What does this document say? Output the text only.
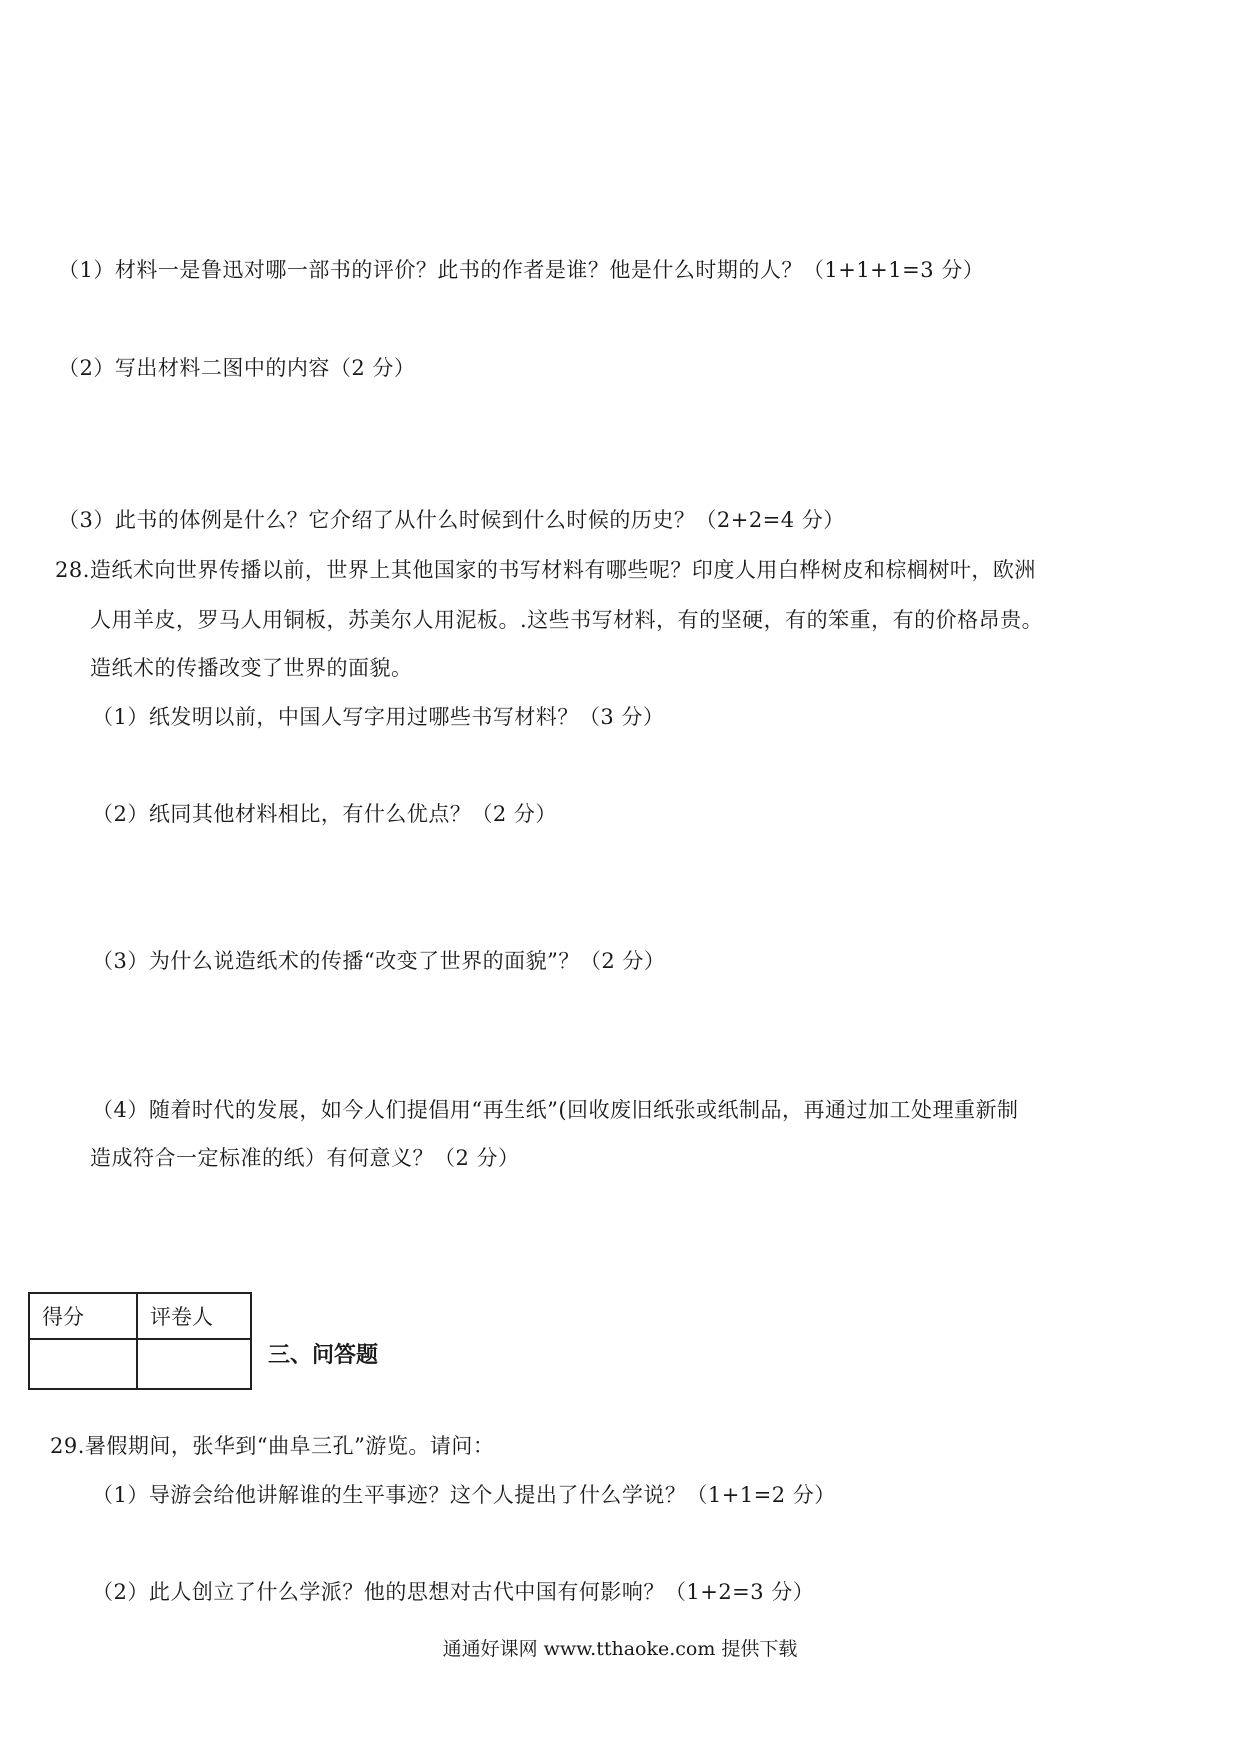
（1）材料一是鲁迅对哪一部书的评价？此书的作者是谁？他是什么时期的人？（1+1+1=3 分）
（2）写出材料二图中的内容（2 分）
（3）此书的体例是什么？它介绍了从什么时候到什么时候的历史？（2+2=4 分）
28.造纸术向世界传播以前，世界上其他国家的书写材料有哪些呢？印度人用白桦树皮和棕榈树叶，欧洲
人用羊皮，罗马人用铜板，苏美尔人用泥板。.这些书写材料，有的坚硬，有的笨重，有的价格昂贵。
造纸术的传播改变了世界的面貌。
（1）纸发明以前，中国人写字用过哪些书写材料？（3 分）
（2）纸同其他材料相比，有什么优点？（2 分）
（3）为什么说造纸术的传播“改变了世界的面貌”？（2 分）
（4）随着时代的发展，如今人们提倡用“再生纸”(回收废旧纸张或纸制品，再通过加工处理重新制
造成符合一定标准的纸）有何意义？（2 分）
得分	评卷人

三、问答题
29.暑假期间，张华到“曲阜三孔”游览。请问：
（1）导游会给他讲解谁的生平事迹？这个人提出了什么学说？（1+1=2 分）
（2）此人创立了什么学派？他的思想对古代中国有何影响？（1+2=3 分）
通通好课网 www.tthaoke.com 提供下载
